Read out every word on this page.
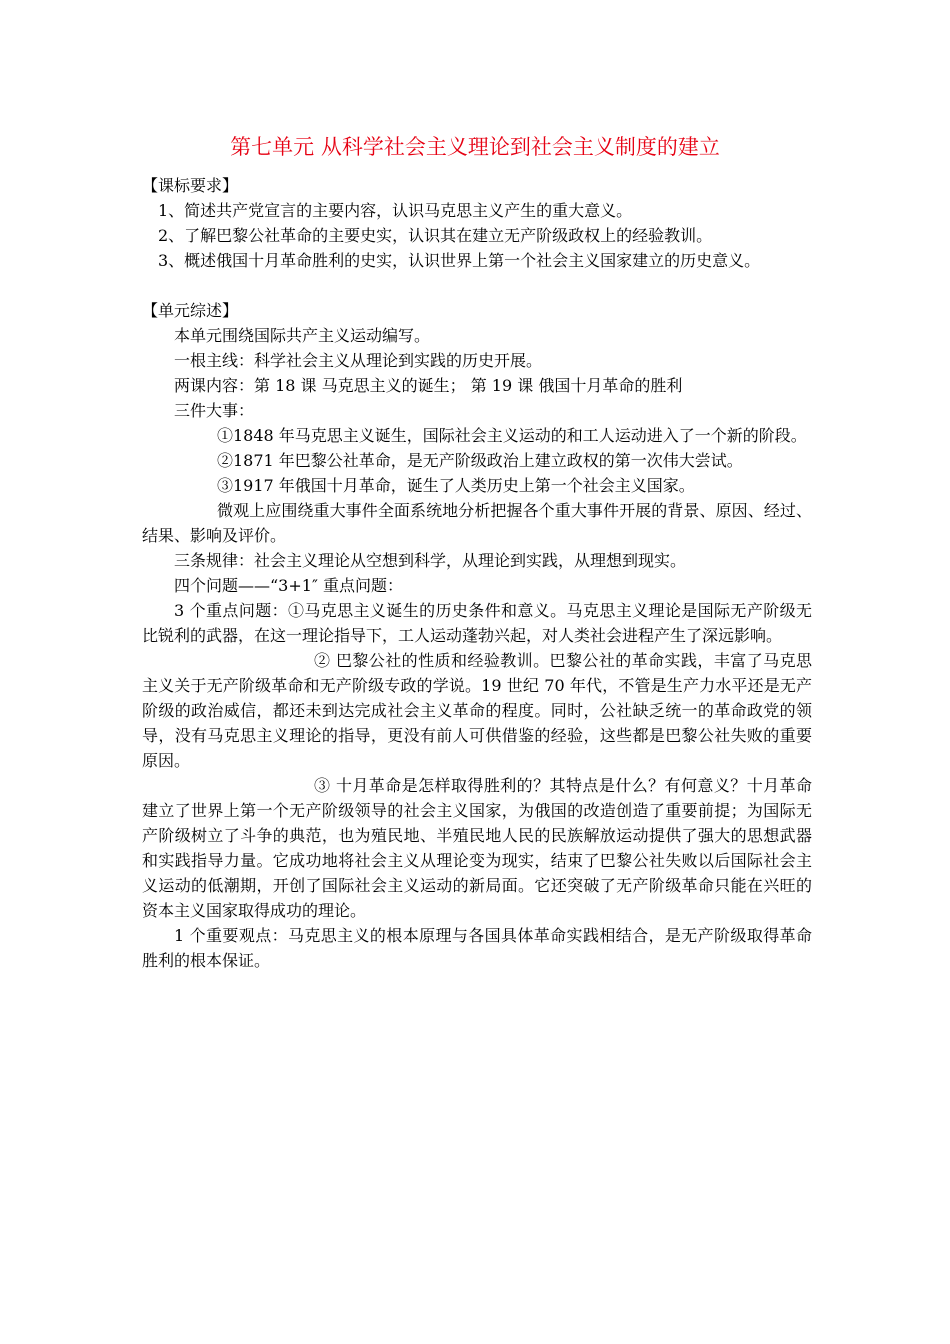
第七单元 从科学社会主义理论到社会主义制度的建立

【课标要求】

1、简述共产党宣言的主要内容，认识马克思主义产生的重大意义。

2、了解巴黎公社革命的主要史实，认识其在建立无产阶级政权上的经验教训。

3、概述俄国十月革命胜利的史实，认识世界上第一个社会主义国家建立的历史意义。

【单元综述】

本单元围绕国际共产主义运动编写。

一根主线：科学社会主义从理论到实践的历史开展。

两课内容：第 18 课 马克思主义的诞生； 第 19 课 俄国十月革命的胜利

三件大事：

①1848 年马克思主义诞生，国际社会主义运动的和工人运动进入了一个新的阶段。

②1871 年巴黎公社革命，是无产阶级政治上建立政权的第一次伟大尝试。

③1917 年俄国十月革命，诞生了人类历史上第一个社会主义国家。

微观上应围绕重大事件全面系统地分析把握各个重大事件开展的背景、原因、经过、结果、影响及评价。

三条规律：社会主义理论从空想到科学，从理论到实践，从理想到现实。

四个问题——“3+1″ 重点问题：

3 个重点问题：①马克思主义诞生的历史条件和意义。马克思主义理论是国际无产阶级无比锐利的武器，在这一理论指导下，工人运动蓬勃兴起，对人类社会进程产生了深远影响。

② 巴黎公社的性质和经验教训。巴黎公社的革命实践，丰富了马克思主义关于无产阶级革命和无产阶级专政的学说。19 世纪 70 年代，不管是生产力水平还是无产阶级的政治威信，都还未到达完成社会主义革命的程度。同时，公社缺乏统一的革命政党的领导，没有马克思主义理论的指导，更没有前人可供借鉴的经验，这些都是巴黎公社失败的重要原因。

③ 十月革命是怎样取得胜利的？其特点是什么？有何意义？十月革命建立了世界上第一个无产阶级领导的社会主义国家，为俄国的改造创造了重要前提；为国际无产阶级树立了斗争的典范，也为殖民地、半殖民地人民的民族解放运动提供了强大的思想武器和实践指导力量。它成功地将社会主义从理论变为现实，结束了巴黎公社失败以后国际社会主义运动的低潮期，开创了国际社会主义运动的新局面。它还突破了无产阶级革命只能在兴旺的资本主义国家取得成功的理论。

1 个重要观点：马克思主义的根本原理与各国具体革命实践相结合，是无产阶级取得革命胜利的根本保证。
